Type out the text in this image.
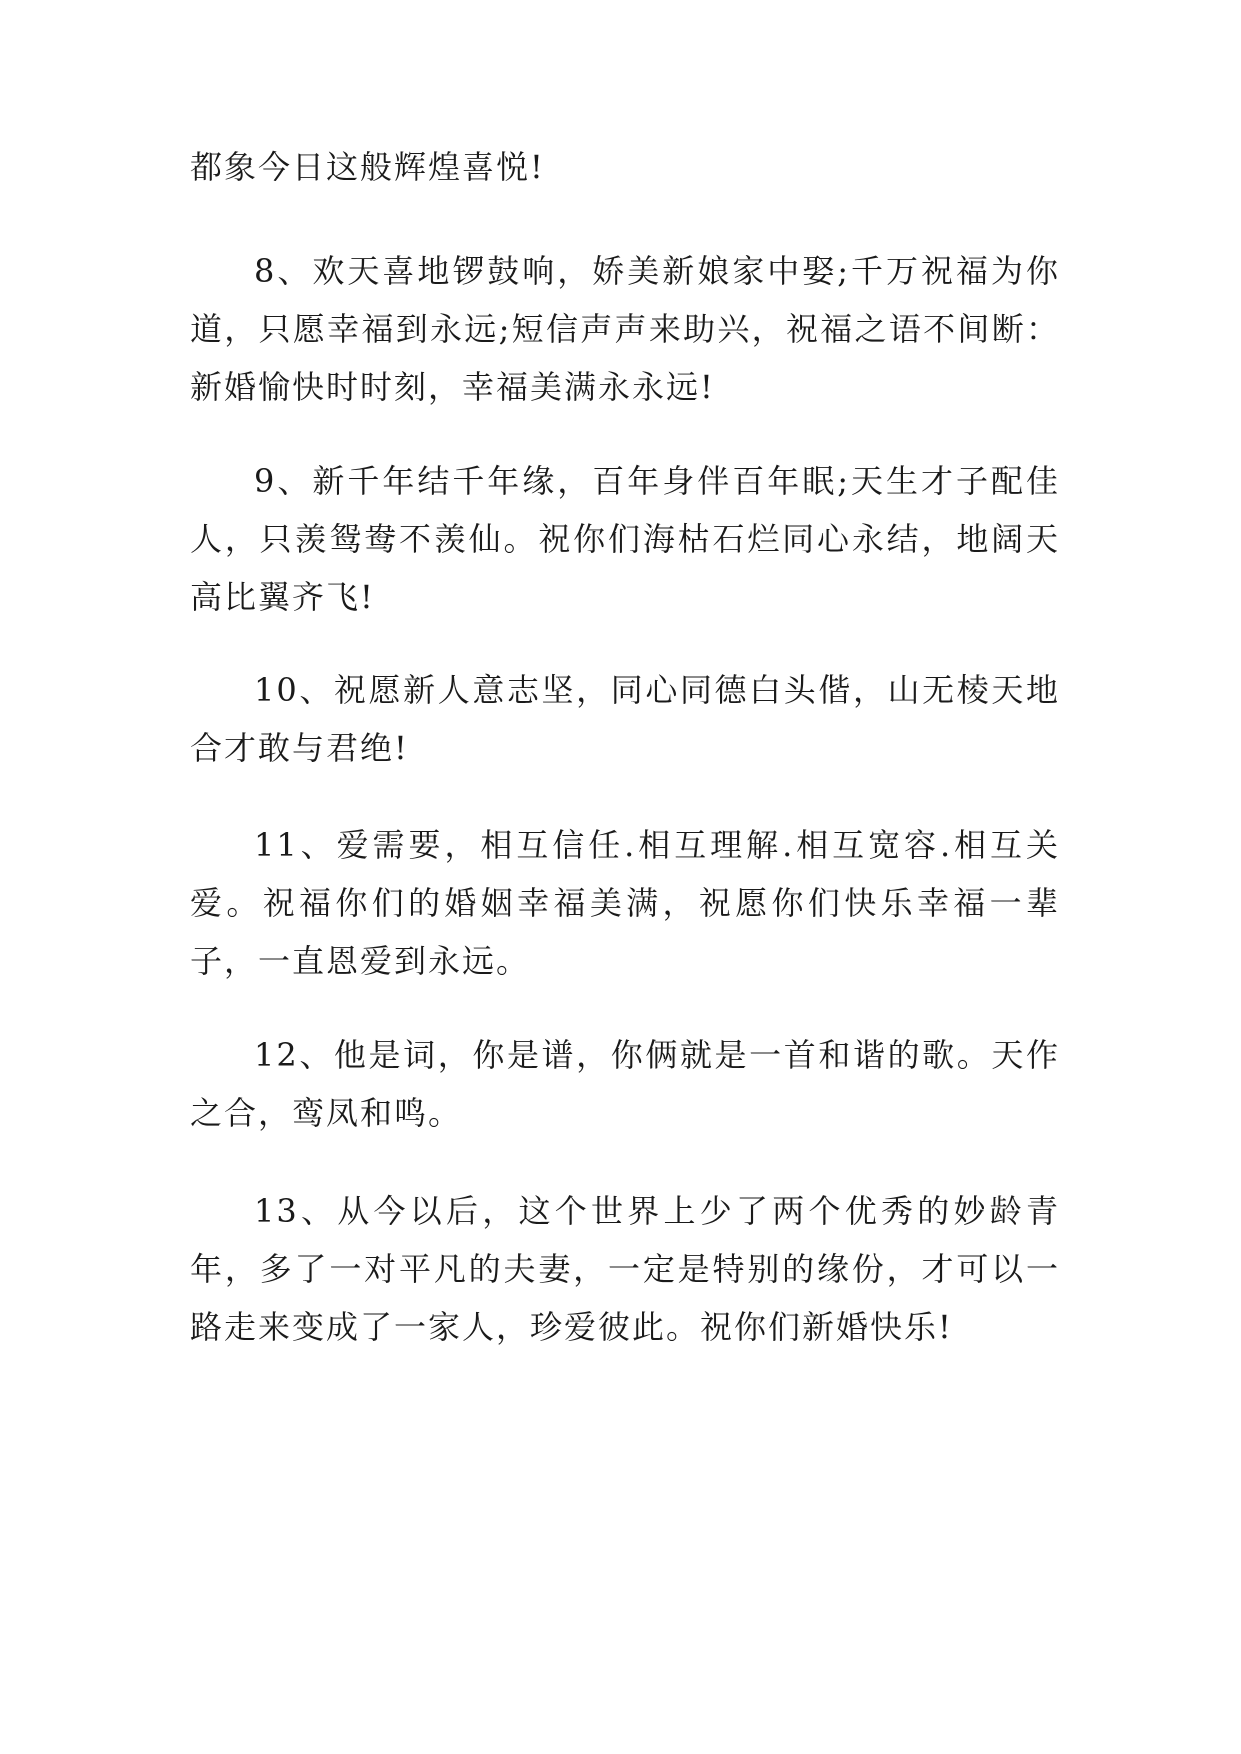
都象今日这般辉煌喜悦!

8、欢天喜地锣鼓响，娇美新娘家中娶;千万祝福为你道，只愿幸福到永远;短信声声来助兴，祝福之语不间断：新婚愉快时时刻，幸福美满永永远!

9、新千年结千年缘，百年身伴百年眠;天生才子配佳人，只羡鸳鸯不羡仙。祝你们海枯石烂同心永结，地阔天高比翼齐飞!

10、祝愿新人意志坚，同心同德白头偕，山无棱天地合才敢与君绝!

11、爱需要，相互信任.相互理解.相互宽容.相互关爱。祝福你们的婚姻幸福美满，祝愿你们快乐幸福一辈子，一直恩爱到永远。

12、他是词，你是谱，你俩就是一首和谐的歌。天作之合，鸾凤和鸣。

13、从今以后，这个世界上少了两个优秀的妙龄青年，多了一对平凡的夫妻，一定是特别的缘份，才可以一路走来变成了一家人，珍爱彼此。祝你们新婚快乐!
